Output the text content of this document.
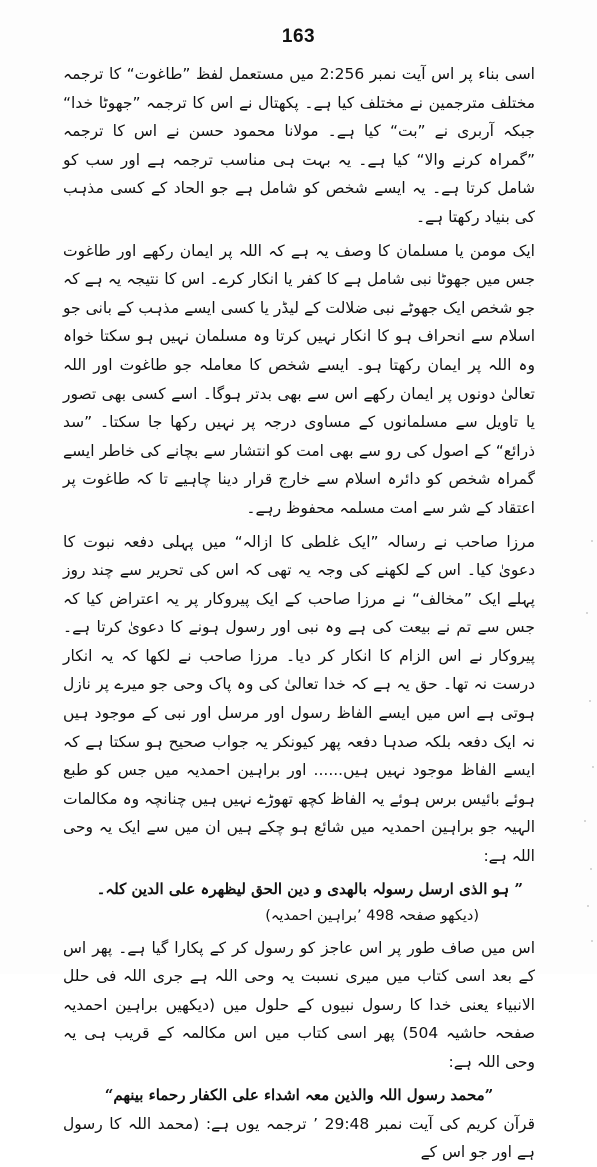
163

اسی بناء پر اس آیت نمبر 2:256 میں مستعمل لفظ ”طاغوت“ کا ترجمہ مختلف مترجمین نے مختلف کیا ہے۔ پکھتال نے اس کا ترجمہ ”جھوٹا خدا“ جبکہ آربری نے ”بت“ کیا ہے۔ مولانا محمود حسن نے اس کا ترجمہ ”گمراہ کرنے والا“ کیا ہے۔ یہ بہت ہی مناسب ترجمہ ہے اور سب کو شامل کرتا ہے۔ یہ ایسے شخص کو شامل ہے جو الحاد کے کسی مذہب کی بنیاد رکھتا ہے۔

ایک مومن یا مسلمان کا وصف یہ ہے کہ اللہ پر ایمان رکھے اور طاغوت جس میں جھوٹا نبی شامل ہے کا کفر یا انکار کرے۔ اس کا نتیجہ یہ ہے کہ جو شخص ایک جھوٹے نبی ضلالت کے لیڈر یا کسی ایسے مذہب کے بانی جو اسلام سے انحراف ہو کا انکار نہیں کرتا وہ مسلمان نہیں ہو سکتا خواہ وہ اللہ پر ایمان رکھتا ہو۔ ایسے شخص کا معاملہ جو طاغوت اور اللہ تعالیٰ دونوں پر ایمان رکھے اس سے بھی بدتر ہوگا۔ اسے کسی بھی تصور یا تاویل سے مسلمانوں کے مساوی درجہ پر نہیں رکھا جا سکتا۔ ”سد ذرائع“ کے اصول کی رو سے بھی امت کو انتشار سے بچانے کی خاطر ایسے گمراہ شخص کو دائرہ اسلام سے خارج قرار دینا چاہیے تا کہ طاغوت پر اعتقاد کے شر سے امت مسلمہ محفوظ رہے۔

مرزا صاحب نے رسالہ ”ایک غلطی کا ازالہ“ میں پہلی دفعہ نبوت کا دعویٰ کیا۔ اس کے لکھنے کی وجہ یہ تھی کہ اس کی تحریر سے چند روز پہلے ایک ”مخالف“ نے مرزا صاحب کے ایک پیروکار پر یہ اعتراض کیا کہ جس سے تم نے بیعت کی ہے وہ نبی اور رسول ہونے کا دعویٰ کرتا ہے۔ پیروکار نے اس الزام کا انکار کر دیا۔ مرزا صاحب نے لکھا کہ یہ انکار درست نہ تھا۔ حق یہ ہے کہ خدا تعالیٰ کی وہ پاک وحی جو میرے پر نازل ہوتی ہے اس میں ایسے الفاظ رسول اور مرسل اور نبی کے موجود ہیں نہ ایک دفعہ بلکہ صدہا دفعہ پھر کیونکر یہ جواب صحیح ہو سکتا ہے کہ ایسے الفاظ موجود نہیں ہیں...... اور براہین احمدیہ میں جس کو طبع ہوئے بائیس برس ہوئے یہ الفاظ کچھ تھوڑے نہیں ہیں چنانچہ وہ مکالمات الہیہ جو براہین احمدیہ میں شائع ہو چکے ہیں ان میں سے ایک یہ وحی اللہ ہے:

” ہو الذی ارسل رسولہ بالھدی و دین الحق لیظھرہ علی الدین کلہ۔

(دیکھو صفحہ 498 ’براہین احمدیہ)

اس میں صاف طور پر اس عاجز کو رسول کر کے پکارا گیا ہے۔ پھر اس کے بعد اسی کتاب میں میری نسبت یہ وحی اللہ ہے جری اللہ فی حلل الانبیاء یعنی خدا کا رسول نبیوں کے حلول میں (دیکھیں براہین احمدیہ صفحہ حاشیہ 504) پھر اسی کتاب میں اس مکالمہ کے قریب ہی یہ وحی اللہ ہے:

”محمد رسول اللہ والذین معہ اشداء علی الکفار رحماء بینھم“

قرآن کریم کی آیت نمبر 29:48 ’ ترجمہ یوں ہے: (محمد اللہ کا رسول ہے اور جو اس کے
